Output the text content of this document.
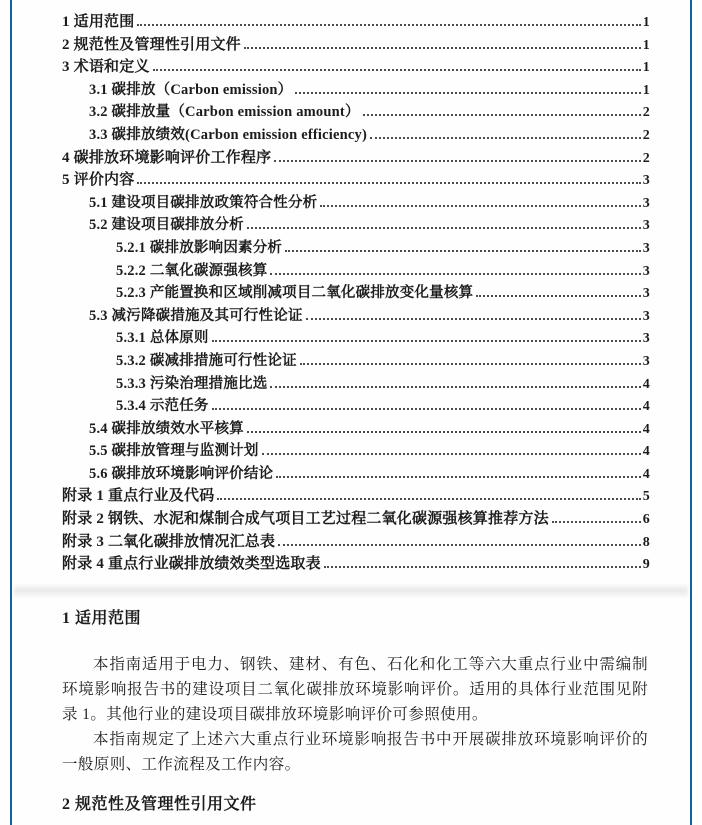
1 适用范围	1
2 规范性及管理性引用文件	1
3 术语和定义	1
3.1 碳排放（Carbon emission）	1
3.2 碳排放量（Carbon emission amount）	2
3.3 碳排放绩效(Carbon emission efficiency)	2
4 碳排放环境影响评价工作程序	2
5 评价内容	3
5.1 建设项目碳排放政策符合性分析	3
5.2 建设项目碳排放分析	3
5.2.1 碳排放影响因素分析	3
5.2.2 二氧化碳源强核算	3
5.2.3 产能置换和区域削减项目二氧化碳排放变化量核算	3
5.3 减污降碳措施及其可行性论证	3
5.3.1 总体原则	3
5.3.2 碳减排措施可行性论证	3
5.3.3 污染治理措施比选	4
5.3.4 示范任务	4
5.4 碳排放绩效水平核算	4
5.5 碳排放管理与监测计划	4
5.6 碳排放环境影响评价结论	4
附录 1 重点行业及代码	5
附录 2 钢铁、水泥和煤制合成气项目工艺过程二氧化碳源强核算推荐方法	6
附录 3 二氧化碳排放情况汇总表	8
附录 4 重点行业碳排放绩效类型选取表	9
1 适用范围

本指南适用于电力、钢铁、建材、有色、石化和化工等六大重点行业中需编制环境影响报告书的建设项目二氧化碳排放环境影响评价。适用的具体行业范围见附录 1。其他行业的建设项目碳排放环境影响评价可参照使用。

本指南规定了上述六大重点行业环境影响报告书中开展碳排放环境影响评价的一般原则、工作流程及工作内容。

2 规范性及管理性引用文件
